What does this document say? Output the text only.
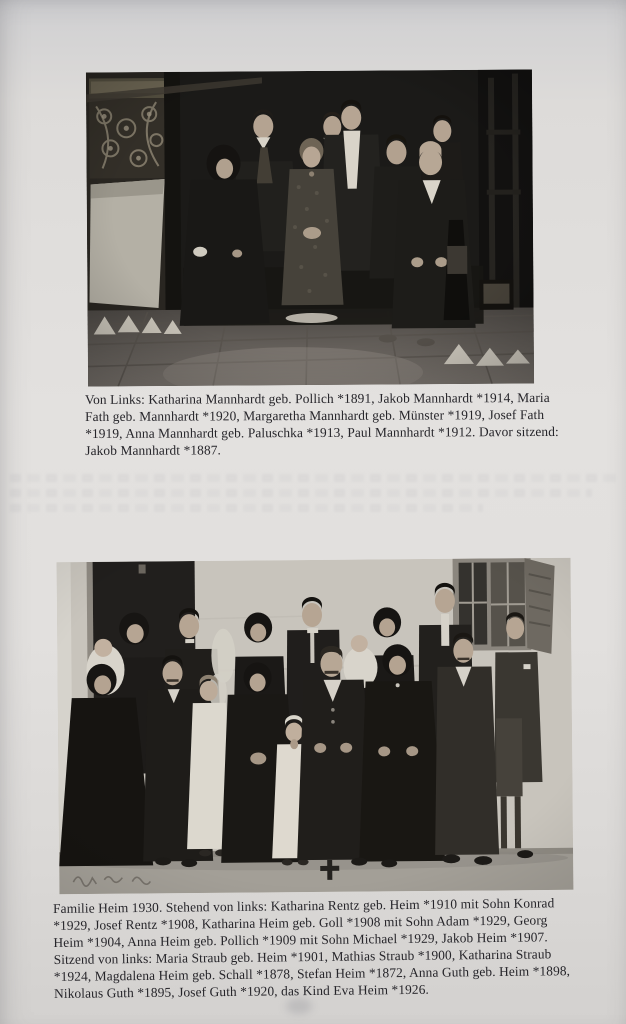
Von Links: Katharina Mannhardt geb. Pollich *1891, Jakob Mannhardt *1914, Maria
Fath geb. Mannhardt *1920, Margaretha Mannhardt geb. Münster *1919, Josef Fath
*1919, Anna Mannhardt geb. Paluschka *1913, Paul Mannhardt *1912. Davor sitzend:
Jakob Mannhardt *1887.
Familie Heim 1930. Stehend von links: Katharina Rentz geb. Heim *1910 mit Sohn Konrad
*1929, Josef Rentz *1908, Katharina Heim geb. Goll *1908 mit Sohn Adam *1929, Georg
Heim *1904, Anna Heim geb. Pollich *1909 mit Sohn Michael *1929, Jakob Heim *1907.
Sitzend von links: Maria Straub geb. Heim *1901, Mathias Straub *1900, Katharina Straub
*1924, Magdalena Heim geb. Schall *1878, Stefan Heim *1872, Anna Guth geb. Heim *1898,
Nikolaus Guth *1895, Josef Guth *1920, das Kind Eva Heim *1926.
